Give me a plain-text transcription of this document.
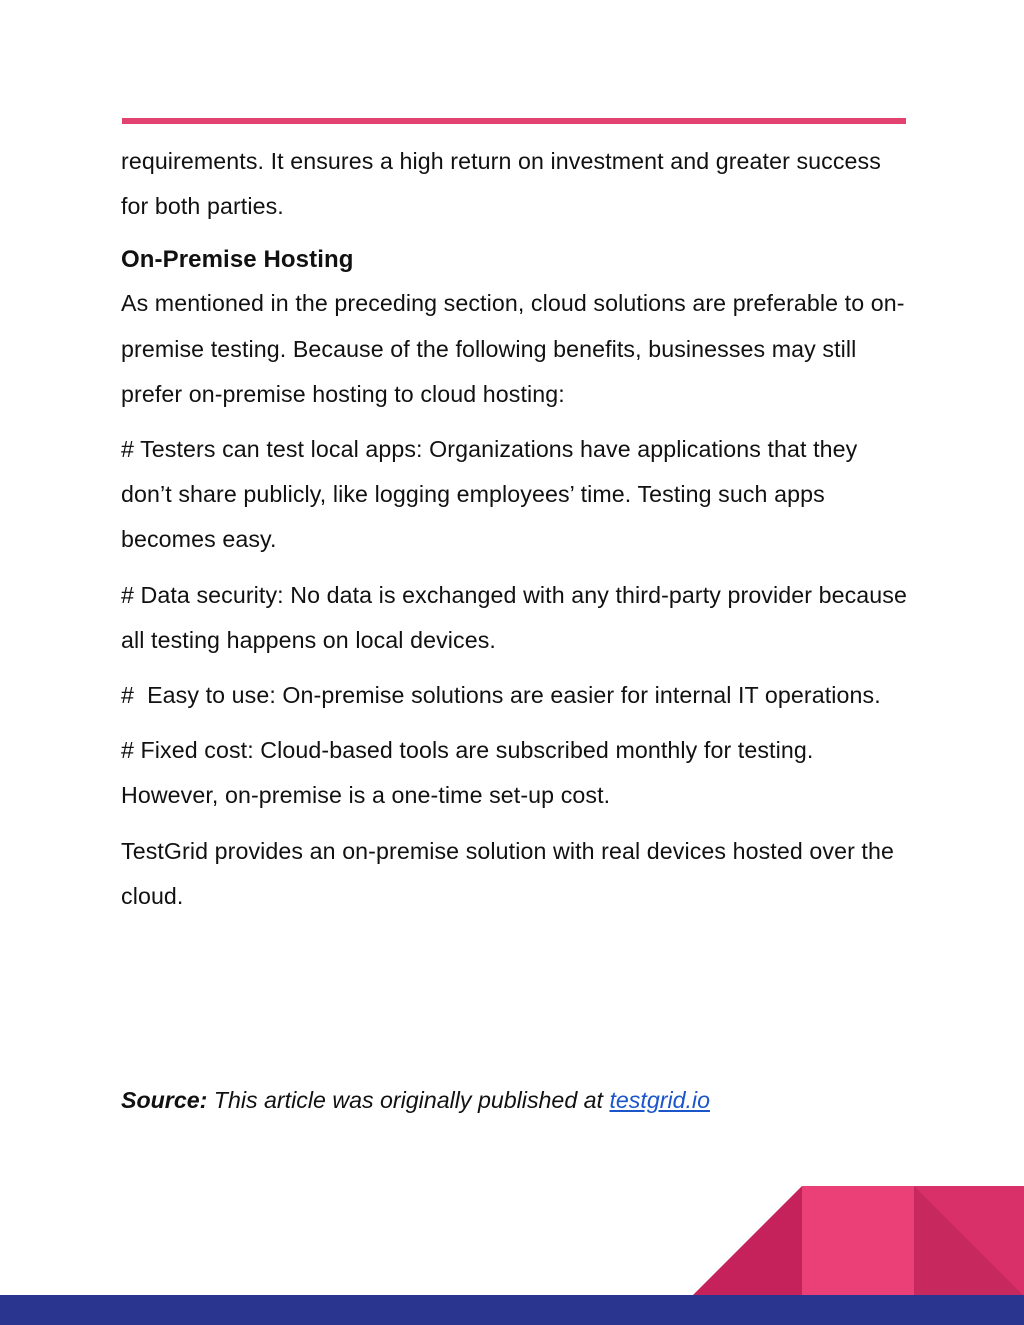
requirements. It ensures a high return on investment and greater success for both parties.

On-Premise Hosting

As mentioned in the preceding section, cloud solutions are preferable to on-premise testing. Because of the following benefits, businesses may still prefer on-premise hosting to cloud hosting:

# Testers can test local apps: Organizations have applications that they don’t share publicly, like logging employees’ time. Testing such apps becomes easy.

# Data security: No data is exchanged with any third-party provider because all testing happens on local devices.

#  Easy to use: On-premise solutions are easier for internal IT operations.

# Fixed cost: Cloud-based tools are subscribed monthly for testing. However, on-premise is a one-time set-up cost.

TestGrid provides an on-premise solution with real devices hosted over the cloud.

Source: This article was originally published at testgrid.io
